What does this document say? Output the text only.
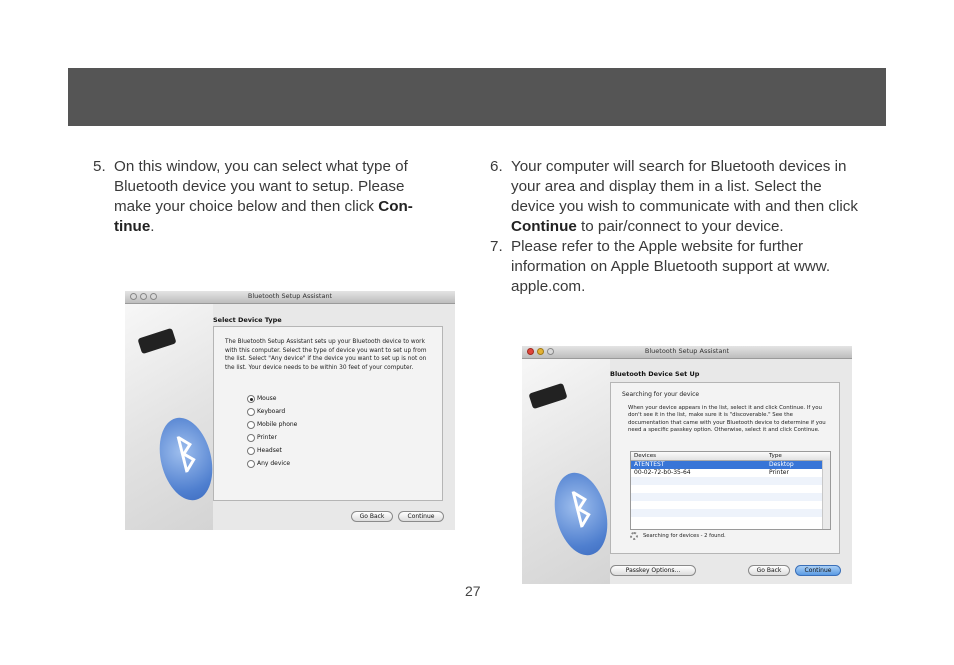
5. On this window, you can select what type of Bluetooth device you want to setup. Please make your choice below and then click Con-tinue.
6. Your computer will search for Bluetooth devices in your area and display them in a list. Select the device you wish to communicate with and then click Continue to pair/connect to your device.
7. Please refer to the Apple website for further information on Apple Bluetooth support at www. apple.com.
Bluetooth Setup Assistant
ᛒ
Select Device Type
The Bluetooth Setup Assistant sets up your Bluetooth device to work with this computer. Select the type of device you want to set up from the list. Select "Any device" if the device you want to set up is not on the list. Your device needs to be within 30 feet of your computer.
Mouse
Keyboard
Mobile phone
Printer
Headset
Any device
Go Back	Continue
Bluetooth Setup Assistant
ᛒ
Bluetooth Device Set Up
Searching for your device
When your device appears in the list, select it and click Continue. If you don't see it in the list, make sure it is "discoverable." See the documentation that came with your Bluetooth device to determine if you need a specific passkey option. Otherwise, select it and click Continue.
Devices	Type
ATENTEST	Desktop
00-02-72-b0-35-64	Printer
Searching for devices - 2 found.
Passkey Options...	Go Back	Continue
27
